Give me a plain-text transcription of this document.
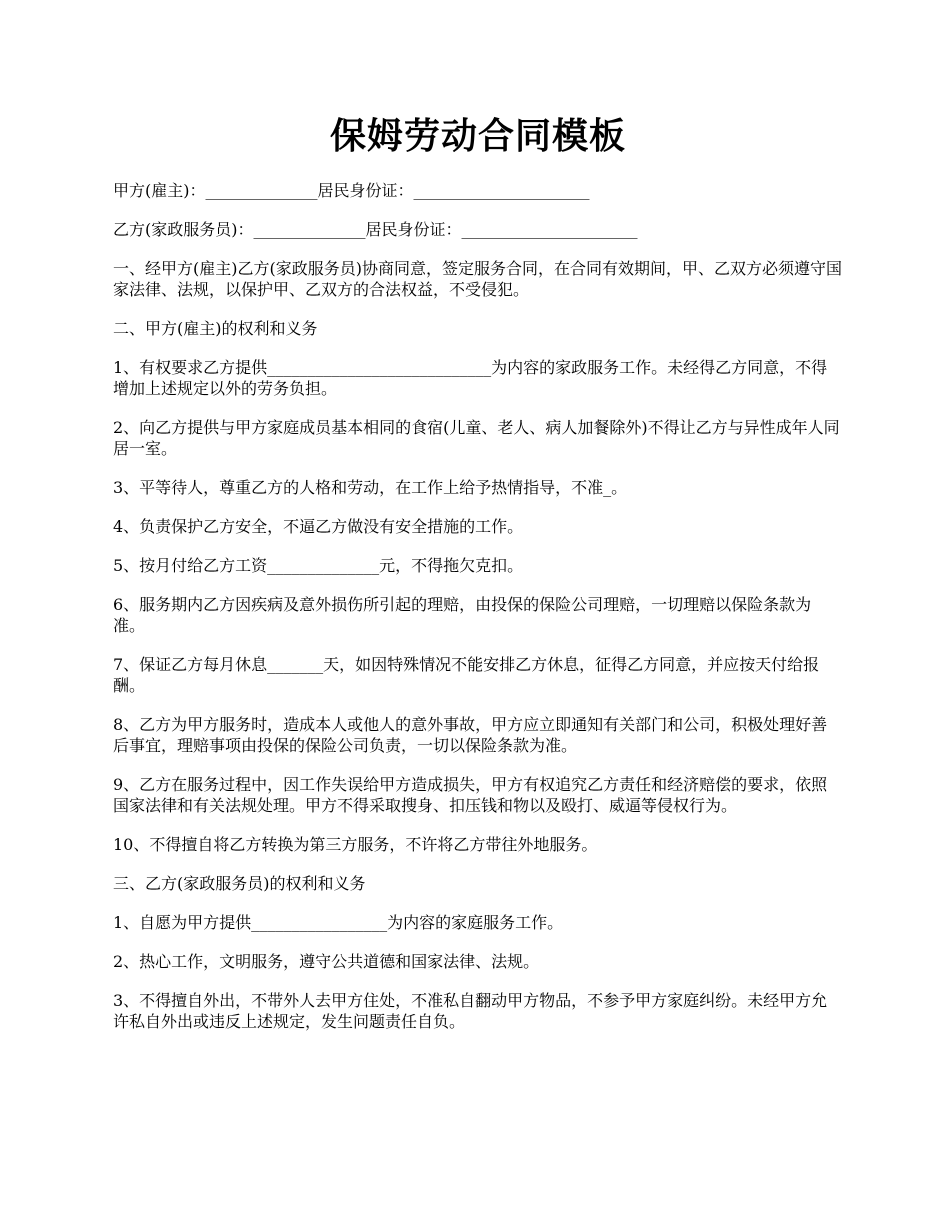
保姆劳动合同模板

甲方(雇主)：______________居民身份证：______________________

乙方(家政服务员)：______________居民身份证：______________________

一、经甲方(雇主)乙方(家政服务员)协商同意，签定服务合同，在合同有效期间，甲、乙双方必须遵守国家法律、法规，以保护甲、乙双方的合法权益，不受侵犯。

二、甲方(雇主)的权利和义务

1、有权要求乙方提供____________________________为内容的家政服务工作。未经得乙方同意，不得增加上述规定以外的劳务负担。

2、向乙方提供与甲方家庭成员基本相同的食宿(儿童、老人、病人加餐除外)不得让乙方与异性成年人同居一室。

3、平等待人，尊重乙方的人格和劳动，在工作上给予热情指导，不准_。

4、负责保护乙方安全，不逼乙方做没有安全措施的工作。

5、按月付给乙方工资______________元，不得拖欠克扣。

6、服务期内乙方因疾病及意外损伤所引起的理赔，由投保的保险公司理赔，一切理赔以保险条款为准。

7、保证乙方每月休息_______天，如因特殊情况不能安排乙方休息，征得乙方同意，并应按天付给报酬。

8、乙方为甲方服务时，造成本人或他人的意外事故，甲方应立即通知有关部门和公司，积极处理好善后事宜，理赔事项由投保的保险公司负责，一切以保险条款为准。

9、乙方在服务过程中，因工作失误给甲方造成损失，甲方有权追究乙方责任和经济赔偿的要求，依照国家法律和有关法规处理。甲方不得采取搜身、扣压钱和物以及殴打、威逼等侵权行为。

10、不得擅自将乙方转换为第三方服务，不许将乙方带往外地服务。

三、乙方(家政服务员)的权利和义务

1、自愿为甲方提供_________________为内容的家庭服务工作。

2、热心工作，文明服务，遵守公共道德和国家法律、法规。

3、不得擅自外出，不带外人去甲方住处，不准私自翻动甲方物品，不参予甲方家庭纠纷。未经甲方允许私自外出或违反上述规定，发生问题责任自负。
